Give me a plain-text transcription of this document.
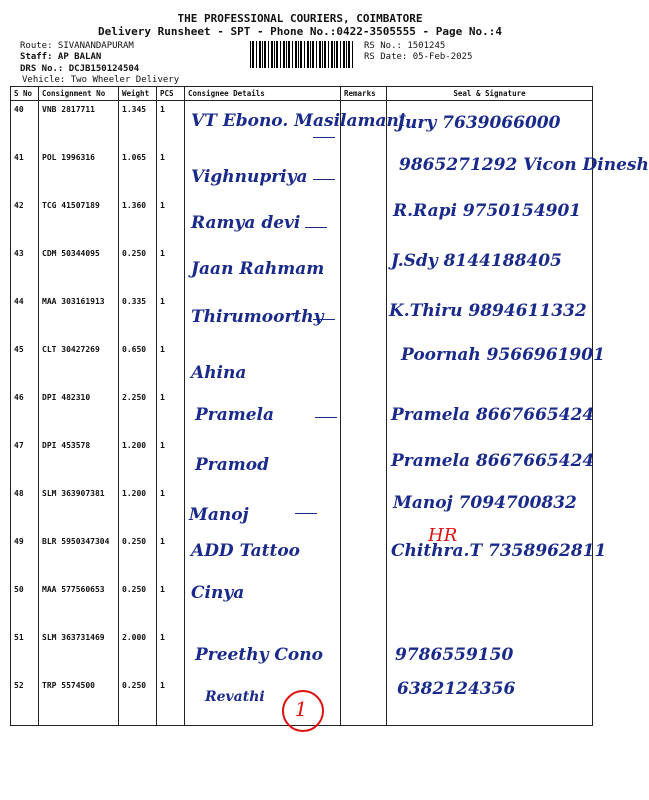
THE PROFESSIONAL COURIERS, COIMBATORE
Delivery Runsheet - SPT - Phone No.:0422-3505555 - Page No.:4
Route: SIVANANDAPURAM
Staff: AP BALAN
DRS No.: DCJB150124504
Vehicle: Two Wheeler Delivery
RS No.: 1501245
RS Date: 05-Feb-2025
S No	Consignment No	Weight	PCS	Consignee Details	Remarks	Seal & Signature
40	VNB 2817711	1.345	1	VT Ebono. Masilamani		Jury 7639066000

41	POL 1996316	1.065	1	Vighnupriya		9865271292 Vicon Dinesh

42	TCG 41507189	1.360	1	Ramya devi		R.Rapi 9750154901

43	CDM 50344095	0.250	1	Jaan Rahmam		J.Sdy 8144188405

44	MAA 303161913	0.335	1	Thirumoorthy		K.Thiru 9894611332

45	CLT 30427269	0.650	1	Ahina		Poornah 9566961901

46	DPI 482310	2.250	1	Pramela		Pramela 8667665424

47	DPI 453578	1.200	1	Pramod		Pramela 8667665424

48	SLM 363907381	1.200	1	Manoj		Manoj 7094700832

49	BLR 5950347304	0.250	1	ADD Tattoo		Chithra.T 7358962811

50	MAA 577560653	0.250	1	Cinya		

51	SLM 363731469	2.000	1	Preethy Cono		9786559150

52	TRP 5574500	0.250	1	Revathi		6382124356
HR
1
